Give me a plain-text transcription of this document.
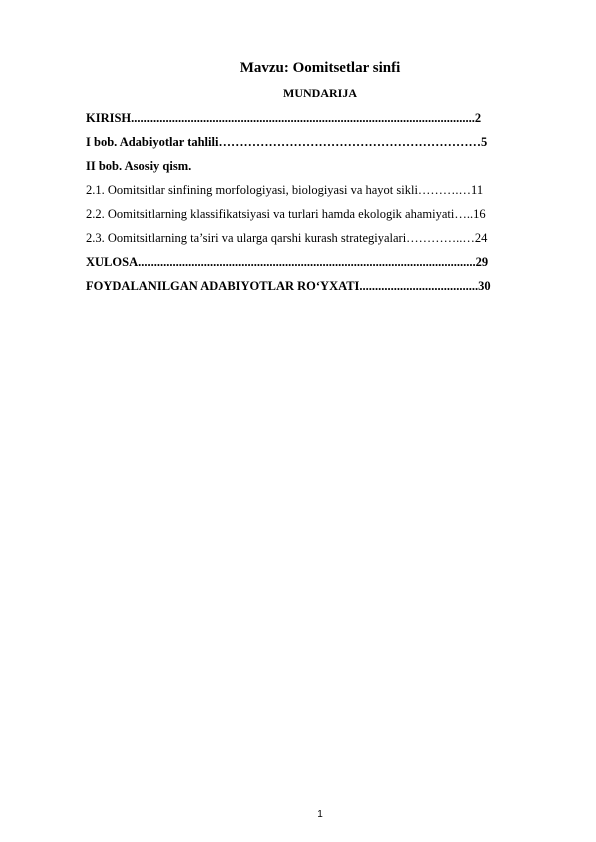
Mavzu: Oomitsetlar sinfi
MUNDARIJA
KIRISH..............................................................................................................2
I bob. Adabiyotlar tahlili………………………………………………………5
II bob. Asosiy qism.
2.1. Oomitsitlar sinfining morfologiyasi, biologiyasi va hayot sikli……….…11
2.2. Oomitsitlarning klassifikatsiyasi va turlari hamda ekologik ahamiyati…..16
2.3. Oomitsitlarning ta’siri va ularga qarshi kurash strategiyalari…………..…24
XULOSA............................................................................................................29
FOYDALANILGAN ADABIYOTLAR RO‘YXATI......................................30
1
